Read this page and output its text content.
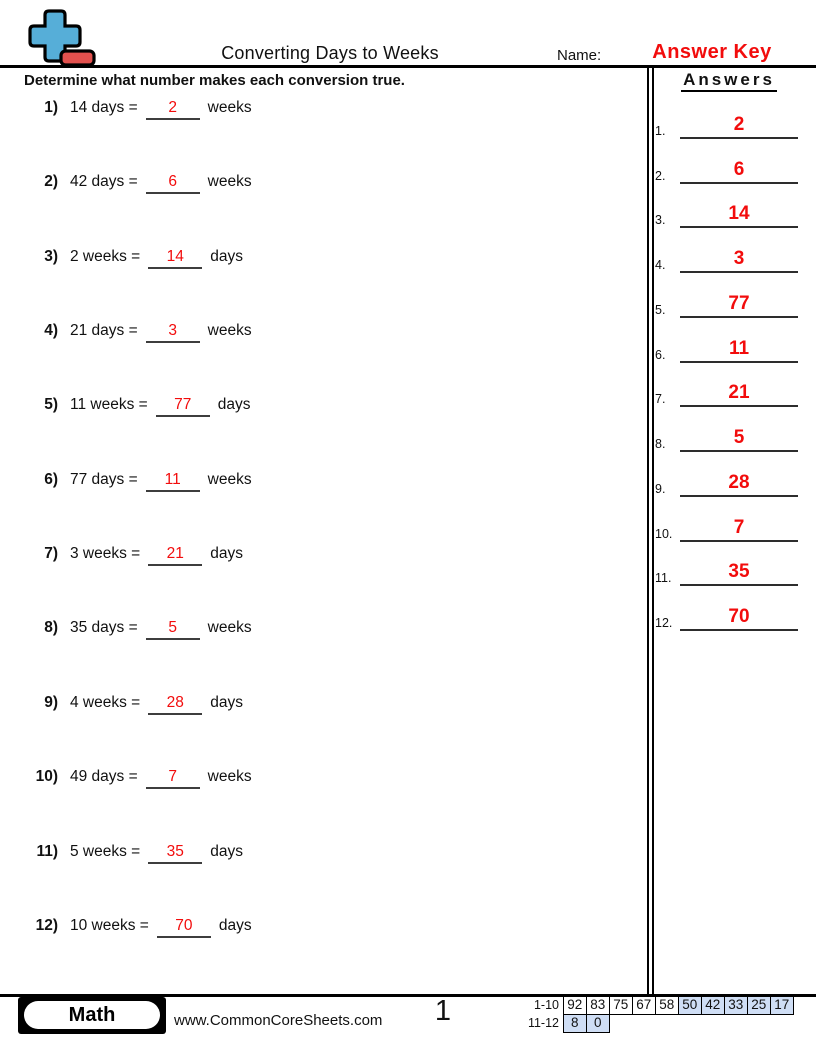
Converting Days to Weeks	Name:	Answer Key
Determine what number makes each conversion true.
1) 14 days =	2	weeks
2) 42 days =	6	weeks
3) 2 weeks =	14	days
4) 21 days =	3	weeks
5) 11 weeks =	77	days
6) 77 days =	11	weeks
7) 3 weeks =	21	days
8) 35 days =	5	weeks
9) 4 weeks =	28	days
10) 49 days =	7	weeks
11) 5 weeks =	35	days
12) 10 weeks =	70	days
Answers
1.	2
2.	6
3.	14
4.	3
5.	77
6.	11
7.	21
8.	5
9.	28
10.	7
11.	35
12.	70
Math	www.CommonCoreSheets.com	1	1-10 92 83 75 67 58 50 42 33 25 17
11-12 8	0
